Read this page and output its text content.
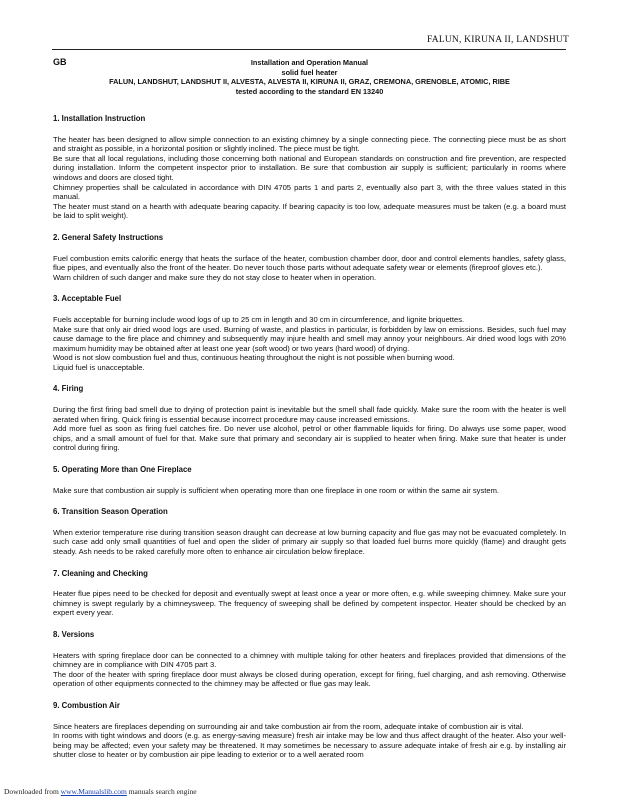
FALUN, KIRUNA II, LANDSHUT
GB	Installation and Operation Manual
solid fuel heater
FALUN, LANDSHUT, LANDSHUT II, ALVESTA, ALVESTA II, KIRUNA II, GRAZ, CREMONA, GRENOBLE, ATOMIC, RIBE
tested according to the standard EN 13240
1. Installation Instruction

The heater has been designed to allow simple connection to an existing chimney by a single connecting piece. The connecting piece must be as short and straight as possible, in a horizontal position or slightly inclined. The piece must be tight.

Be sure that all local regulations, including those concerning both national and European standards on construction and fire prevention, are respected during installation. Inform the competent inspector prior to installation. Be sure that combustion air supply is sufficient; particularly in rooms where windows and doors are closed tight.

Chimney properties shall be calculated in accordance with DIN 4705 parts 1 and parts 2, eventually also part 3, with the three values stated in this manual.

The heater must stand on a hearth with adequate bearing capacity. If bearing capacity is too low, adequate measures must be taken (e.g. a board must be laid to split weight).

2. General Safety Instructions

Fuel combustion emits calorific energy that heats the surface of the heater, combustion chamber door, door and control elements handles, safety glass, flue pipes, and eventually also the front of the heater. Do never touch those parts without adequate safety wear or elements (fireproof gloves etc.).

Warn children of such danger and make sure they do not stay close to heater when in operation.

3. Acceptable Fuel

Fuels acceptable for burning include wood logs of up to 25 cm in length and 30 cm in circumference, and lignite briquettes.

Make sure that only air dried wood logs are used. Burning of waste, and plastics in particular, is forbidden by law on emissions. Besides, such fuel may cause damage to the fire place and chimney and subsequently may injure health and smell may annoy your neighbours. Air dried wood logs with 20% maximum humidity may be obtained after at least one year (soft wood) or two years (hard wood) of drying.

Wood is not slow combustion fuel and thus, continuous heating throughout the night is not possible when burning wood.

Liquid fuel is unacceptable.

4. Firing

During the first firing bad smell due to drying of protection paint is inevitable but the smell shall fade quickly. Make sure the room with the heater is well aerated when firing. Quick firing is essential because incorrect procedure may cause increased emissions.

Add more fuel as soon as firing fuel catches fire. Do never use alcohol, petrol or other flammable liquids for firing. Do always use some paper, wood chips, and a small amount of fuel for that. Make sure that primary and secondary air is supplied to heater when firing. Make sure that heater is under control during firing.

5. Operating More than One Fireplace

Make sure that combustion air supply is sufficient when operating more than one fireplace in one room or within the same air system.

6. Transition Season Operation

When exterior temperature rise during transition season draught can decrease at low burning capacity and flue gas may not be evacuated completely. In such case add only small quantities of fuel and open the slider of primary air supply so that loaded fuel burns more quickly (flame) and draught gets steady. Ash needs to be raked carefully more often to enhance air circulation below fireplace.

7. Cleaning and Checking

Heater flue pipes need to be checked for deposit and eventually swept at least once a year or more often, e.g. while sweeping chimney. Make sure your chimney is swept regularly by a chimneysweep. The frequency of sweeping shall be defined by competent inspector. Heater should be checked by an expert every year.

8. Versions

Heaters with spring fireplace door can be connected to a chimney with multiple taking for other heaters and fireplaces provided that dimensions of the chimney are in compliance with DIN 4705 part 3.

The door of the heater with spring fireplace door must always be closed during operation, except for firing, fuel charging, and ash removing. Otherwise operation of other equipments connected to the chimney may be affected or flue gas may leak.

9. Combustion Air

Since heaters are fireplaces depending on surrounding air and take combustion air from the room, adequate intake of combustion air is vital.

In rooms with tight windows and doors (e.g. as energy-saving measure) fresh air intake may be low and thus affect draught of the heater. Also your well-being may be affected; even your safety may be threatened. It may sometimes be necessary to assure adequate intake of fresh air e.g. by installing air shutter close to heater or by combustion air pipe leading to exterior or to a well aerated room

Downloaded from www.Manualslib.com manuals search engine
